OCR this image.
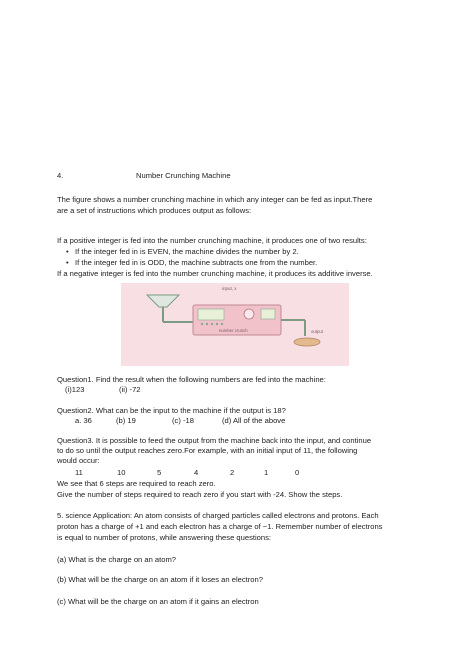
4.	Number Crunching Machine
The figure shows a number crunching machine in which any integer can be fed as input.There
are a set of instructions which produces output as follows:
If a positive integer is fed into the number crunching machine, it produces one of two results:
• If the integer fed in is EVEN, the machine divides the number by 2.
• If the integer fed in is ODD, the machine subtracts one from the number.
If a negative integer is fed into the number crunching machine, it produces its additive inverse.
input, x
number crunch	output
Question1. Find the result when the following numbers are fed into the machine:
(i)123	(ii) -72
Question2. What can be the input to the machine if the output is 18?
a. 36	(b) 19	(c) -18	(d) All of the above
Question3. It is possible to feed the output from the machine back into the input, and continue
to do so until the output reaches zero.For example, with an initial input of 11, the following
would occur:
11	10	5	4	2	1	0
We see that 6 steps are required to reach zero.
Give the number of steps required to reach zero if you start with -24. Show the steps.
5. science Application: An atom consists of charged particles called electrons and protons. Each
proton has a charge of +1 and each electron has a charge of −1. Remember number of electrons
is equal to number of protons, while answering these questions:
(a) What is the charge on an atom?
(b) What will be the charge on an atom if it loses an electron?
(c) What will be the charge on an atom if it gains an electron
